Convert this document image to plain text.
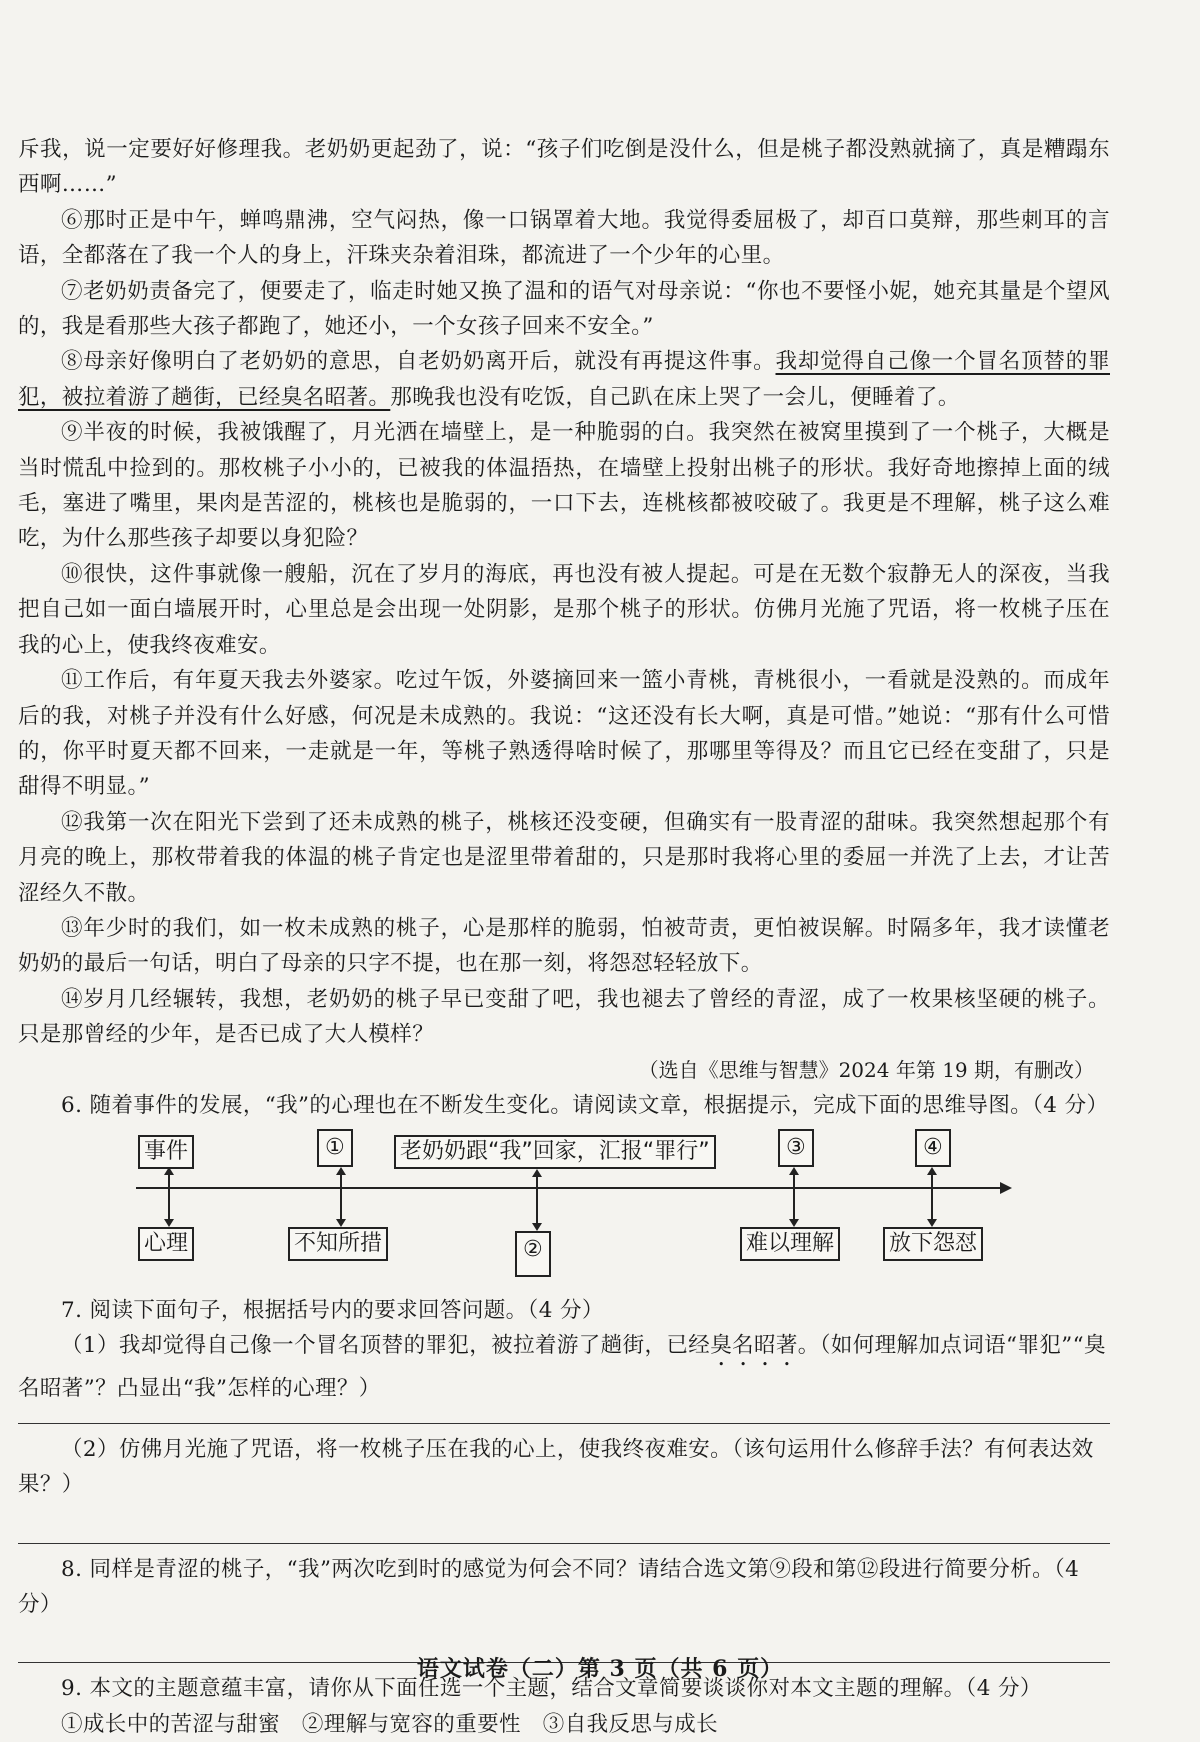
斥我，说一定要好好修理我。老奶奶更起劲了，说：“孩子们吃倒是没什么，但是桃子都没熟就摘了，真是糟蹋东西啊……”

⑥那时正是中午，蝉鸣鼎沸，空气闷热，像一口锅罩着大地。我觉得委屈极了，却百口莫辩，那些刺耳的言语，全都落在了我一个人的身上，汗珠夹杂着泪珠，都流进了一个少年的心里。

⑦老奶奶责备完了，便要走了，临走时她又换了温和的语气对母亲说：“你也不要怪小妮，她充其量是个望风的，我是看那些大孩子都跑了，她还小，一个女孩子回来不安全。”

⑧母亲好像明白了老奶奶的意思，自老奶奶离开后，就没有再提这件事。我却觉得自己像一个冒名顶替的罪犯，被拉着游了趟街，已经臭名昭著。那晚我也没有吃饭，自己趴在床上哭了一会儿，便睡着了。

⑨半夜的时候，我被饿醒了，月光洒在墙壁上，是一种脆弱的白。我突然在被窝里摸到了一个桃子，大概是当时慌乱中捡到的。那枚桃子小小的，已被我的体温捂热，在墙壁上投射出桃子的形状。我好奇地擦掉上面的绒毛，塞进了嘴里，果肉是苦涩的，桃核也是脆弱的，一口下去，连桃核都被咬破了。我更是不理解，桃子这么难吃，为什么那些孩子却要以身犯险？

⑩很快，这件事就像一艘船，沉在了岁月的海底，再也没有被人提起。可是在无数个寂静无人的深夜，当我把自己如一面白墙展开时，心里总是会出现一处阴影，是那个桃子的形状。仿佛月光施了咒语，将一枚桃子压在我的心上，使我终夜难安。

⑪工作后，有年夏天我去外婆家。吃过午饭，外婆摘回来一篮小青桃，青桃很小，一看就是没熟的。而成年后的我，对桃子并没有什么好感，何况是未成熟的。我说：“这还没有长大啊，真是可惜。”她说：“那有什么可惜的，你平时夏天都不回来，一走就是一年，等桃子熟透得啥时候了，那哪里等得及？而且它已经在变甜了，只是甜得不明显。”

⑫我第一次在阳光下尝到了还未成熟的桃子，桃核还没变硬，但确实有一股青涩的甜味。我突然想起那个有月亮的晚上，那枚带着我的体温的桃子肯定也是涩里带着甜的，只是那时我将心里的委屈一并洗了上去，才让苦涩经久不散。

⑬年少时的我们，如一枚未成熟的桃子，心是那样的脆弱，怕被苛责，更怕被误解。时隔多年，我才读懂老奶奶的最后一句话，明白了母亲的只字不提，也在那一刻，将怨怼轻轻放下。

⑭岁月几经辗转，我想，老奶奶的桃子早已变甜了吧，我也褪去了曾经的青涩，成了一枚果核坚硬的桃子。只是那曾经的少年，是否已成了大人模样？

（选自《思维与智慧》2024 年第 19 期，有删改）

6. 随着事件的发展，“我”的心理也在不断发生变化。请阅读文章，根据提示，完成下面的思维导图。（4 分）

事件
心理
①	老奶奶跟“我”回家，汇报“罪行”	③	④
不知所措	②	难以理解 放下怨怼

7. 阅读下面句子，根据括号内的要求回答问题。（4 分）

（1）我却觉得自己像一个冒名顶替的罪犯，被拉着游了趟街，已经臭名昭著。（如何理解加点词语“罪犯”“臭名昭著”？凸显出“我”怎样的心理？）

（2）仿佛月光施了咒语，将一枚桃子压在我的心上，使我终夜难安。（该句运用什么修辞手法？有何表达效果？）

8. 同样是青涩的桃子，“我”两次吃到时的感觉为何会不同？请结合选文第⑨段和第⑫段进行简要分析。（4 分）

9. 本文的主题意蕴丰富，请你从下面任选一个主题，结合文章简要谈谈你对本文主题的理解。（4 分）

①成长中的苦涩与甜蜜　②理解与宽容的重要性　③自我反思与成长

语文试卷（二）第 3 页（共 6 页）
